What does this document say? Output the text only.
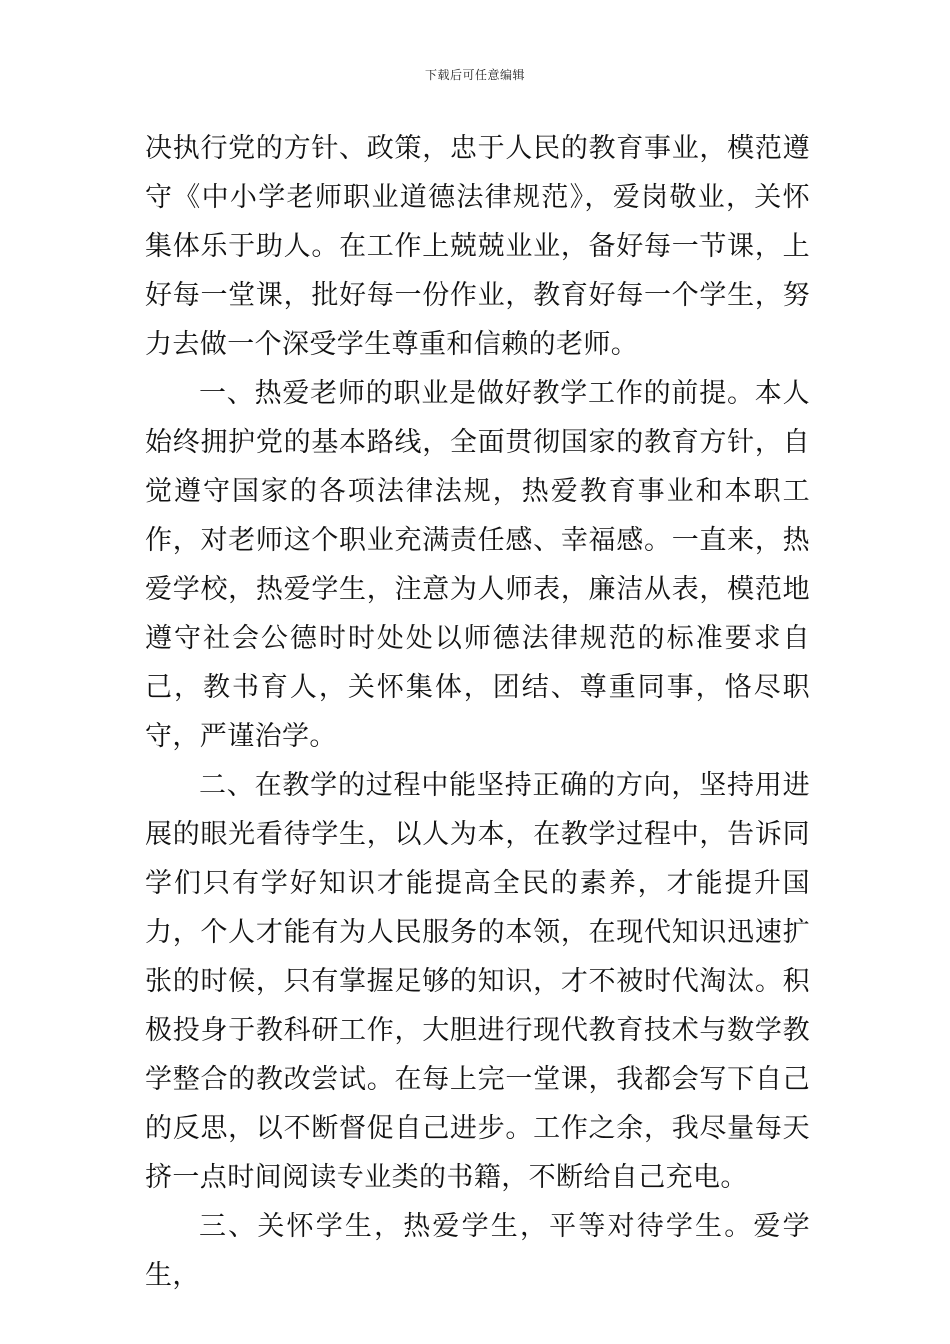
下载后可任意编辑

决执行党的方针、政策，忠于人民的教育事业，模范遵守《中小学老师职业道德法律规范》，爱岗敬业，关怀集体乐于助人。在工作上兢兢业业，备好每一节课，上好每一堂课，批好每一份作业，教育好每一个学生，努力去做一个深受学生尊重和信赖的老师。

一、热爱老师的职业是做好教学工作的前提。本人始终拥护党的基本路线，全面贯彻国家的教育方针，自觉遵守国家的各项法律法规，热爱教育事业和本职工作，对老师这个职业充满责任感、幸福感。一直来，热爱学校，热爱学生，注意为人师表，廉洁从表，模范地遵守社会公德时时处处以师德法律规范的标准要求自己，教书育人，关怀集体，团结、尊重同事，恪尽职守，严谨治学。

二、在教学的过程中能坚持正确的方向，坚持用进展的眼光看待学生，以人为本，在教学过程中，告诉同学们只有学好知识才能提高全民的素养，才能提升国力，个人才能有为人民服务的本领，在现代知识迅速扩张的时候，只有掌握足够的知识，才不被时代淘汰。积极投身于教科研工作，大胆进行现代教育技术与数学教学整合的教改尝试。在每上完一堂课，我都会写下自己的反思，以不断督促自己进步。工作之余，我尽量每天挤一点时间阅读专业类的书籍，不断给自己充电。

三、关怀学生，热爱学生，平等对待学生。爱学生，
